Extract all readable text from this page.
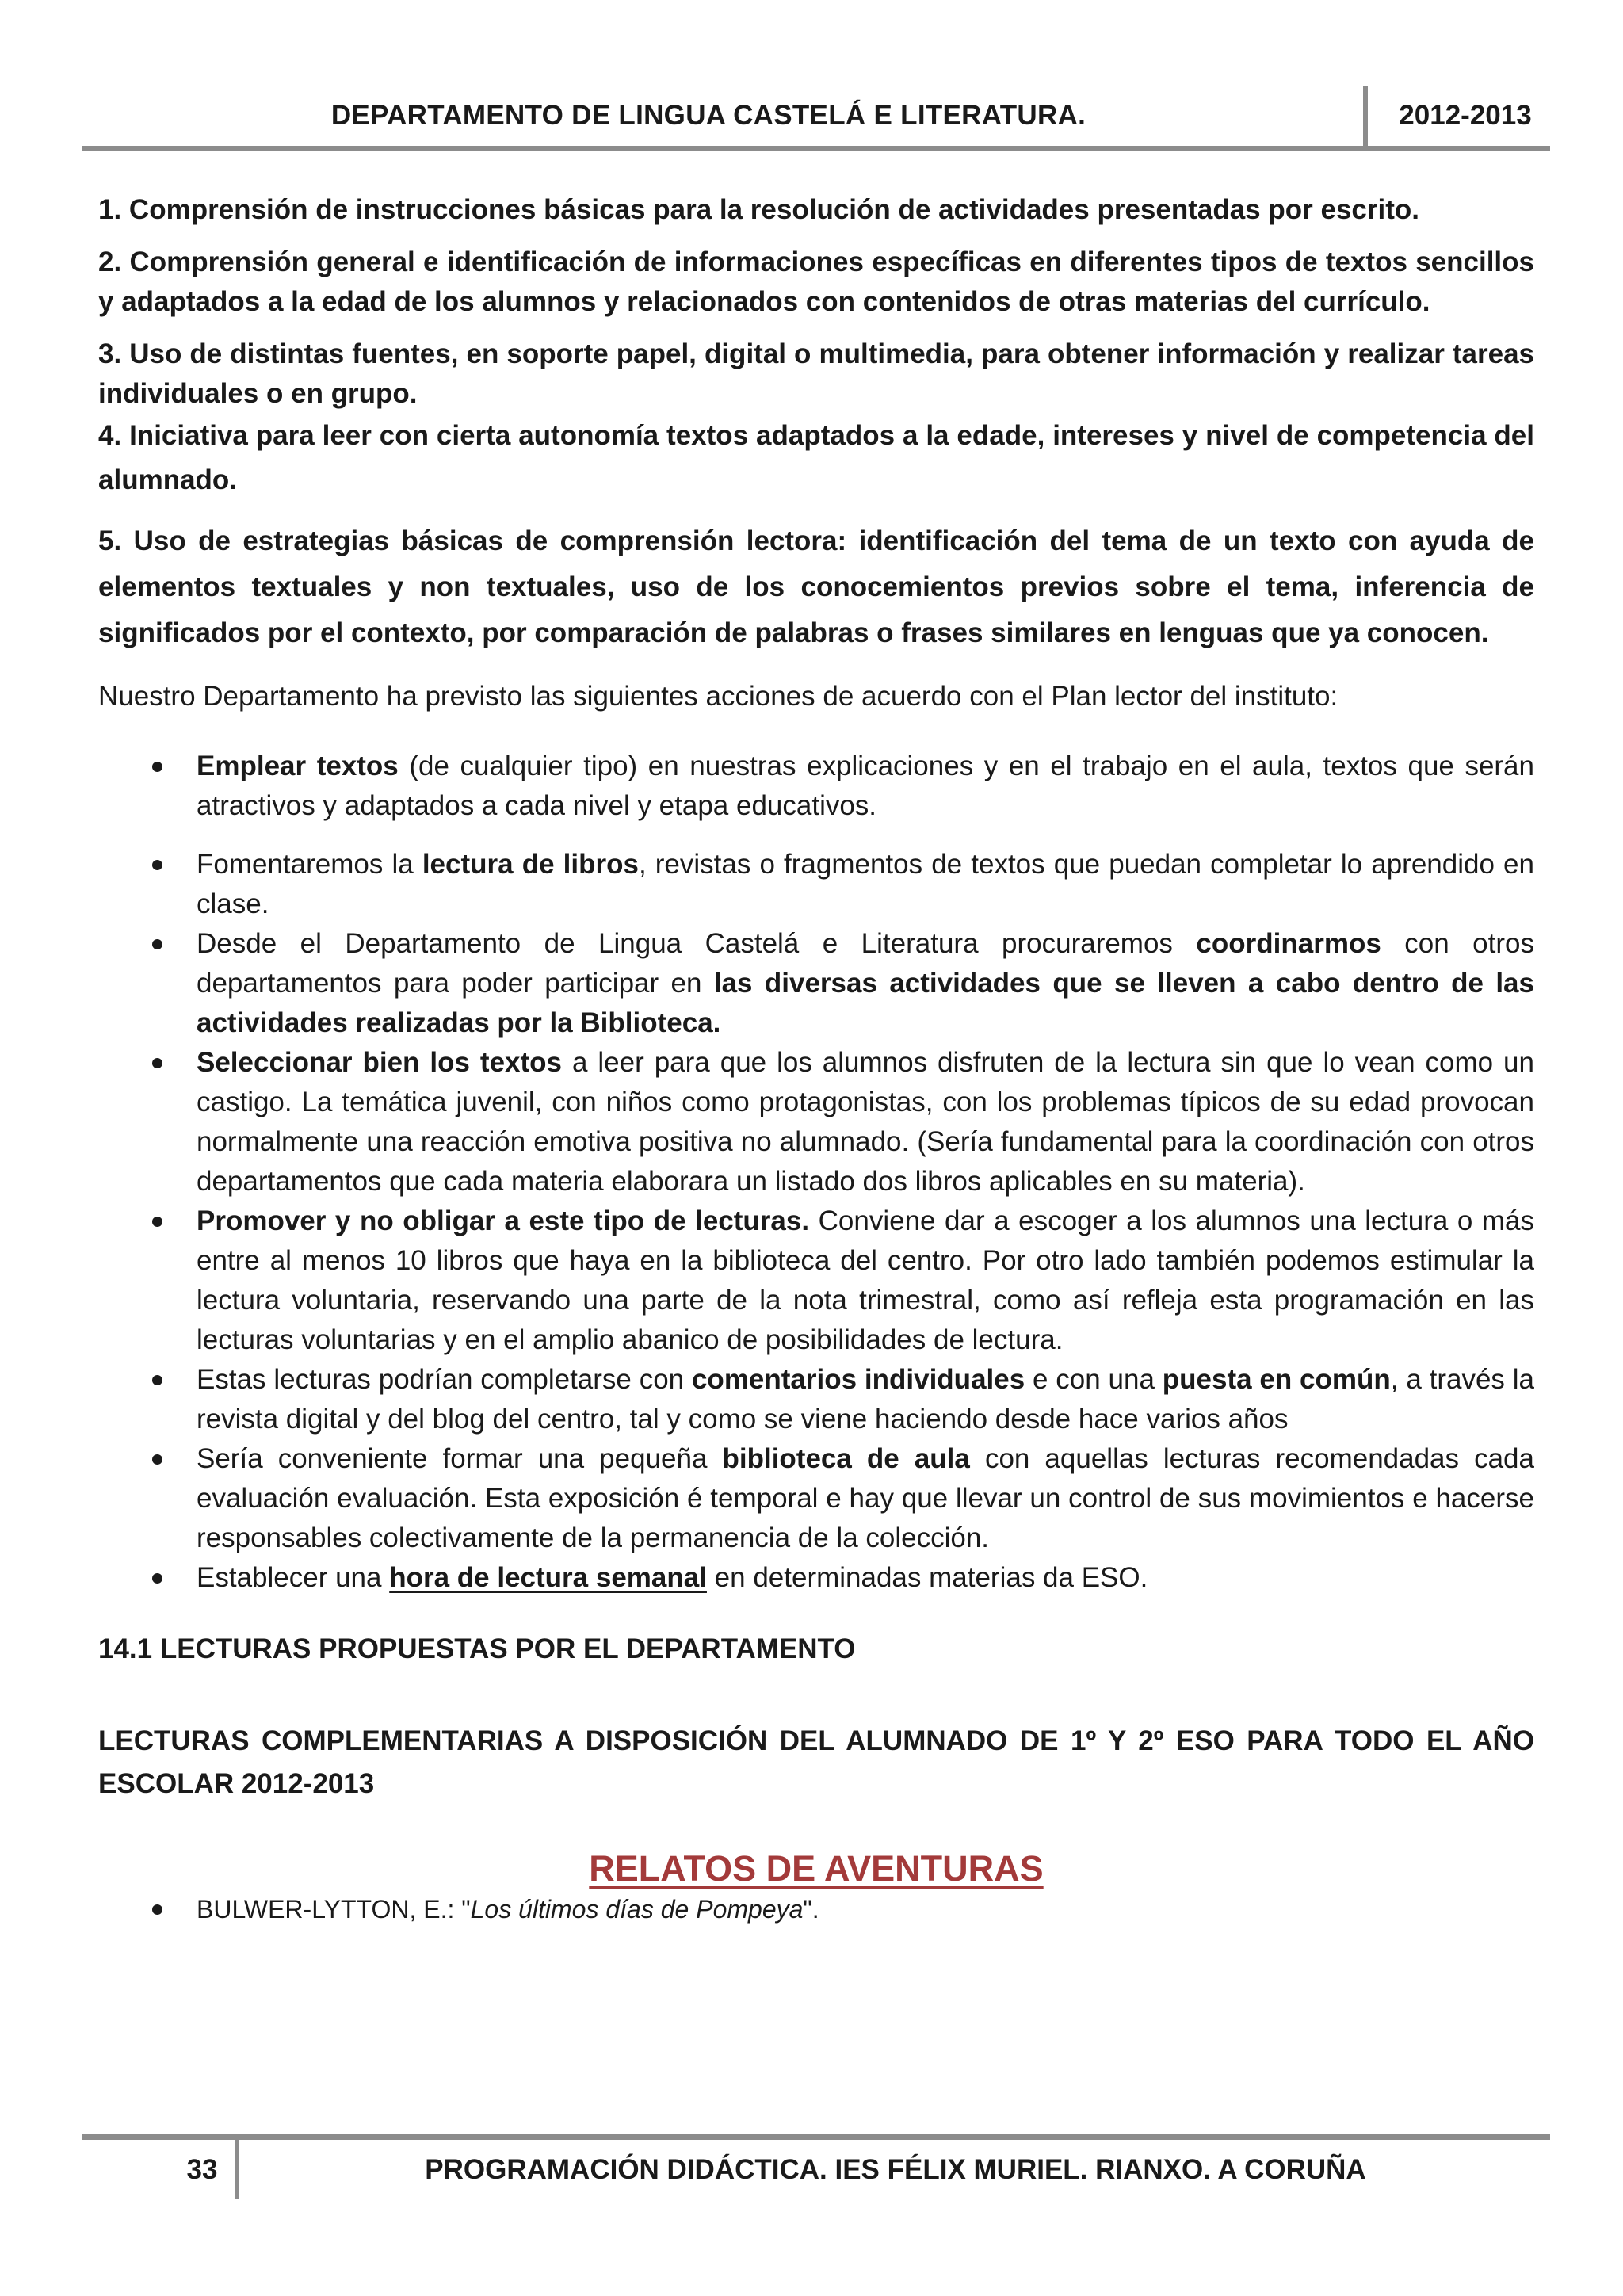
DEPARTAMENTO DE LINGUA CASTELÁ E LITERATURA.	2012-2013

1. Comprensión de instrucciones básicas para la resolución de actividades presentadas por escrito.

2. Comprensión general e identificación de informaciones específicas en diferentes tipos de textos sencillos y adaptados a la edad de los alumnos y relacionados con contenidos de otras materias del currículo.

3. Uso de distintas fuentes, en soporte papel, digital o multimedia, para obtener información y realizar tareas individuales o en grupo.

4. Iniciativa para leer con cierta autonomía textos adaptados a la edade, intereses y nivel de competencia del alumnado.

5. Uso de estrategias básicas de comprensión lectora: identificación del tema de un texto con ayuda de elementos textuales y non textuales, uso de los conocemientos previos sobre el tema, inferencia de significados por el contexto, por comparación de palabras o frases similares en lenguas que ya conocen.

Nuestro Departamento ha previsto las siguientes acciones de acuerdo con el Plan lector del instituto:

Emplear textos (de cualquier tipo) en nuestras explicaciones y en el trabajo en el aula, textos que serán atractivos y adaptados a cada nivel y etapa educativos.
Fomentaremos la lectura de libros, revistas o fragmentos de textos que puedan completar lo aprendido en clase.
Desde el Departamento de Lingua Castelá e Literatura procuraremos coordinarmos con otros departamentos para poder participar en las diversas actividades que se lleven a cabo dentro de las actividades realizadas por la Biblioteca.
Seleccionar bien los textos a leer para que los alumnos disfruten de la lectura sin que lo vean como un castigo. La temática juvenil, con niños como protagonistas, con los problemas típicos de su edad provocan normalmente una reacción emotiva positiva no alumnado. (Sería fundamental para la coordinación con otros departamentos que cada materia elaborara un listado dos libros aplicables en su materia).
Promover y no obligar a este tipo de lecturas. Conviene dar a escoger a los alumnos una lectura o más entre al menos 10 libros que haya en la biblioteca del centro. Por otro lado también podemos estimular la lectura voluntaria, reservando una parte de la nota trimestral, como así refleja esta programación en las lecturas voluntarias y en el amplio abanico de posibilidades de lectura.
Estas lecturas podrían completarse con comentarios individuales e con una puesta en común, a través la revista digital y del blog del centro, tal y como se viene haciendo desde hace varios años
Sería conveniente formar una pequeña biblioteca de aula con aquellas lecturas recomendadas cada evaluación evaluación. Esta exposición é temporal e hay que llevar un control de sus movimientos e hacerse responsables colectivamente de la permanencia de la colección.
Establecer una hora de lectura semanal en determinadas materias da ESO.
14.1 LECTURAS PROPUESTAS POR EL DEPARTAMENTO
LECTURAS COMPLEMENTARIAS A DISPOSICIÓN DEL ALUMNADO DE 1º Y 2º ESO PARA TODO EL AÑO ESCOLAR 2012-2013
RELATOS DE AVENTURAS
BULWER-LYTTON, E.: "Los últimos días de Pompeya".
33	PROGRAMACIÓN DIDÁCTICA. IES FÉLIX MURIEL. RIANXO. A CORUÑA
